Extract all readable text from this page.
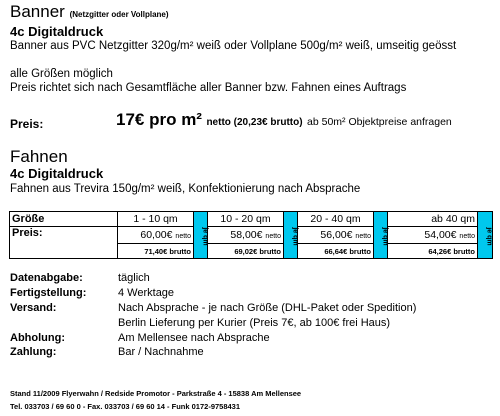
Banner (Netzgitter oder Vollplane)
4c Digitaldruck
Banner aus PVC Netzgitter 320g/m² weiß oder Vollplane 500g/m² weiß, umseitig geösst
alle Größen möglich
Preis richtet sich nach Gesamtfläche aller Banner bzw. Fahnen eines Auftrags
Preis:	17€ pro m² netto (20,23€ brutto) ab 50m² Objektpreise anfragen
Fahnen
4c Digitaldruck
Fahnen aus Trevira 150g/m² weiß, Konfektionierung nach Absprache
Größe	1 - 10 qm	je qm	10 - 20 qm	je qm	20 - 40 qm	je qm	ab 40 qm	je qm
Preis:	60,00€ netto		58,00€ netto		56,00€ netto		54,00€ netto	
	71,40€ brutto		69,02€ brutto		66,64€ brutto		64,26€ brutto	
Datenabgabe:	täglich
Fertigstellung:	4 Werktage
Versand:	Nach Absprache - je nach Größe (DHL-Paket oder Spedition)
Berlin Lieferung per Kurier (Preis 7€, ab 100€ frei Haus)
Abholung:	Am Mellensee nach Absprache
Zahlung:	Bar / Nachnahme
Stand 11/2009 Flyerwahn / Redside Promotor - Parkstraße 4 - 15838 Am Mellensee
Tel. 033703 / 69 60 0 - Fax. 033703 / 69 60 14 - Funk 0172-9758431
